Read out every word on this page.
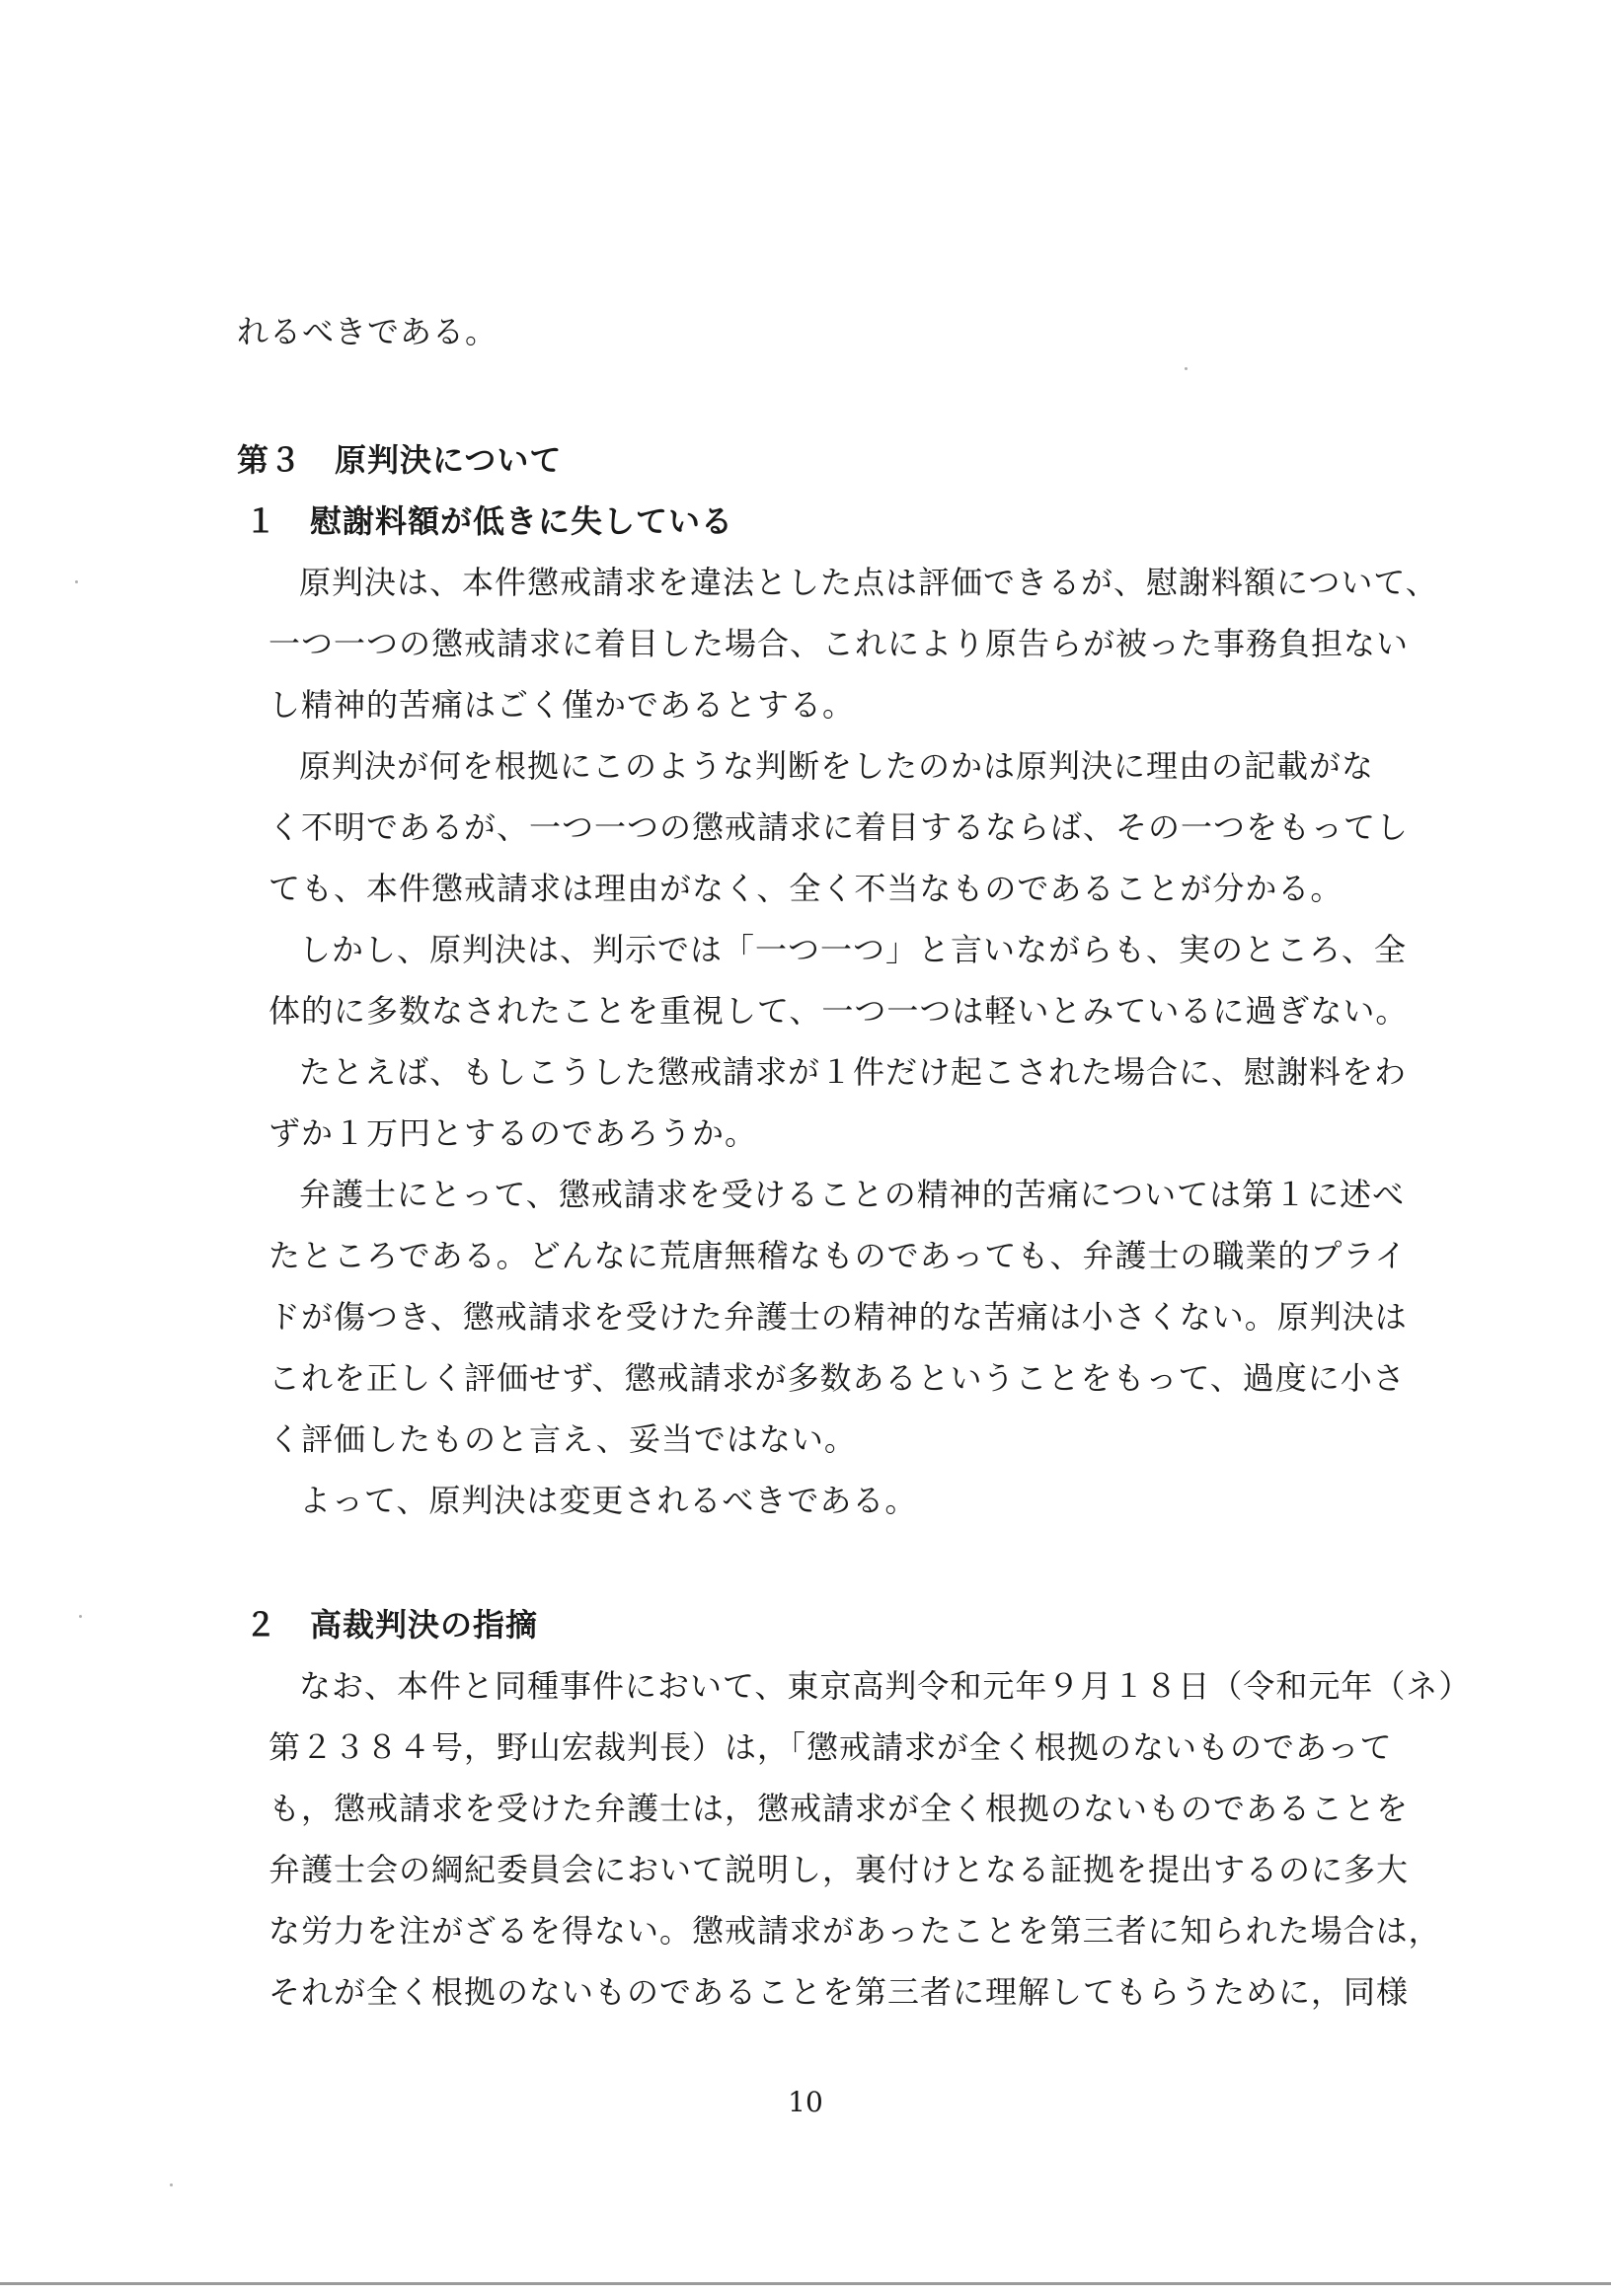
れるべきである。
第３　原判決について
１　慰謝料額が低きに失している
原判決は、本件懲戒請求を違法とした点は評価できるが、慰謝料額について、
一つ一つの懲戒請求に着目した場合、これにより原告らが被った事務負担ない
し精神的苦痛はごく僅かであるとする。
原判決が何を根拠にこのような判断をしたのかは原判決に理由の記載がな
く不明であるが、一つ一つの懲戒請求に着目するならば、その一つをもってし
ても、本件懲戒請求は理由がなく、全く不当なものであることが分かる。
しかし、原判決は、判示では「一つ一つ」と言いながらも、実のところ、全
体的に多数なされたことを重視して、一つ一つは軽いとみているに過ぎない。
たとえば、もしこうした懲戒請求が１件だけ起こされた場合に、慰謝料をわ
ずか１万円とするのであろうか。
弁護士にとって、懲戒請求を受けることの精神的苦痛については第１に述べ
たところである。どんなに荒唐無稽なものであっても、弁護士の職業的プライ
ドが傷つき、懲戒請求を受けた弁護士の精神的な苦痛は小さくない。原判決は
これを正しく評価せず、懲戒請求が多数あるということをもって、過度に小さ
く評価したものと言え、妥当ではない。
よって、原判決は変更されるべきである。
２　高裁判決の指摘
なお、本件と同種事件において、東京高判令和元年９月１８日（令和元年（ネ）
第２３８４号，野山宏裁判長）は，「懲戒請求が全く根拠のないものであって
も，懲戒請求を受けた弁護士は，懲戒請求が全く根拠のないものであることを
弁護士会の綱紀委員会において説明し，裏付けとなる証拠を提出するのに多大
な労力を注がざるを得ない。懲戒請求があったことを第三者に知られた場合は，
それが全く根拠のないものであることを第三者に理解してもらうために，同様
10
